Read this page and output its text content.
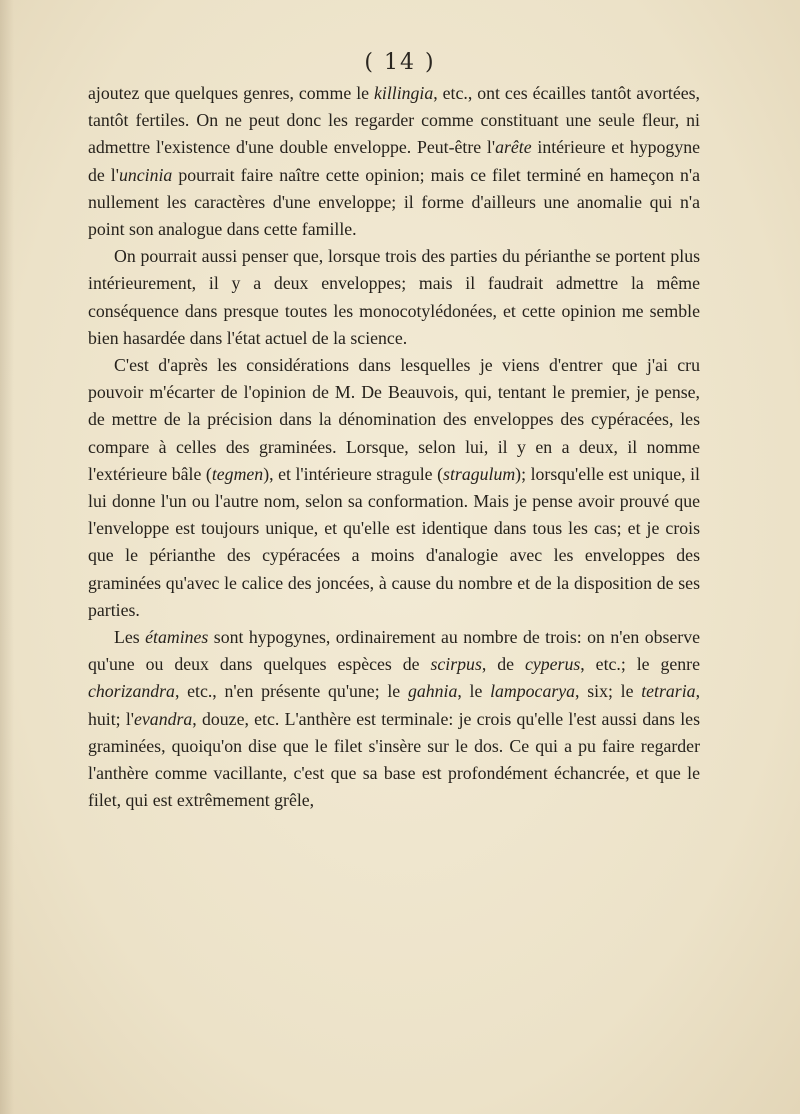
( 14 )

ajoutez que quelques genres, comme le killingia, etc., ont ces écailles tantôt avortées, tantôt fertiles. On ne peut donc les regarder comme constituant une seule fleur, ni admettre l'existence d'une double enveloppe. Peut-être l'arête intérieure et hypogyne de l'uncinia pourrait faire naître cette opinion; mais ce filet terminé en hameçon n'a nullement les caractères d'une enveloppe; il forme d'ailleurs une anomalie qui n'a point son analogue dans cette famille.

On pourrait aussi penser que, lorsque trois des parties du périanthe se portent plus intérieurement, il y a deux enveloppes; mais il faudrait admettre la même conséquence dans presque toutes les monocotylédonées, et cette opinion me semble bien hasardée dans l'état actuel de la science.

C'est d'après les considérations dans lesquelles je viens d'entrer que j'ai cru pouvoir m'écarter de l'opinion de M. De Beauvois, qui, tentant le premier, je pense, de mettre de la précision dans la dénomination des enveloppes des cypéracées, les compare à celles des graminées. Lorsque, selon lui, il y en a deux, il nomme l'extérieure bâle (tegmen), et l'intérieure stragule (stragulum); lorsqu'elle est unique, il lui donne l'un ou l'autre nom, selon sa conformation. Mais je pense avoir prouvé que l'enveloppe est toujours unique, et qu'elle est identique dans tous les cas; et je crois que le périanthe des cypéracées a moins d'analogie avec les enveloppes des graminées qu'avec le calice des joncées, à cause du nombre et de la disposition de ses parties.

Les étamines sont hypogynes, ordinairement au nombre de trois: on n'en observe qu'une ou deux dans quelques espèces de scirpus, de cyperus, etc.; le genre chorizandra, etc., n'en présente qu'une; le gahnia, le lampocarya, six; le tetraria, huit; l'evandra, douze, etc. L'anthère est terminale: je crois qu'elle l'est aussi dans les graminées, quoiqu'on dise que le filet s'insère sur le dos. Ce qui a pu faire regarder l'anthère comme vacillante, c'est que sa base est profondément échancrée, et que le filet, qui est extrêmement grêle,
